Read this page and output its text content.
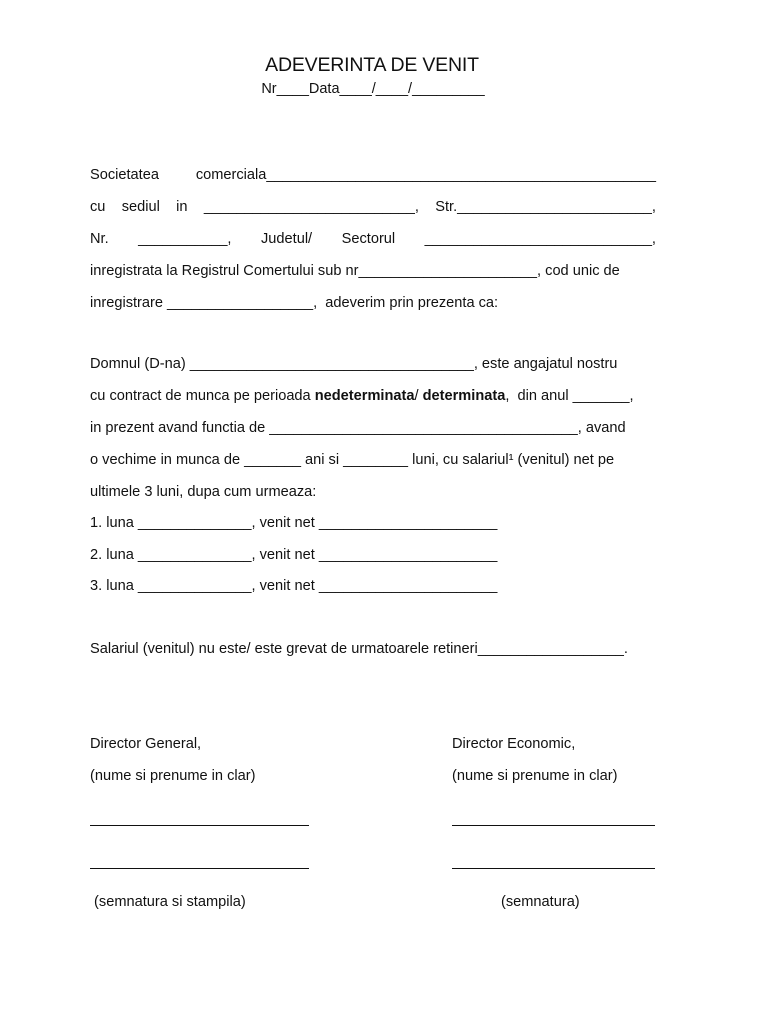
ADEVERINTA DE VENIT
Nr____Data____/____/_________
Societatea	comerciala________________________________________________
cu sediul in __________________________, Str.________________________,
Nr. ___________, Judetul/ Sectorul ____________________________,
inregistrata la Registrul Comertului sub nr______________________, cod unic de
inregistrare __________________,  adeverim prin prezenta ca:
Domnul (D-na) ___________________________________, este angajatul nostru
cu contract de munca pe perioada nedeterminata/ determinata,  din anul _______,
in prezent avand functia de ______________________________________, avand
o vechime in munca de _______ ani si ________ luni, cu salariul¹ (venitul) net pe
ultimele 3 luni, dupa cum urmeaza:
1. luna ______________, venit net ______________________
2. luna ______________, venit net ______________________
3. luna ______________, venit net ______________________
Salariul (venitul) nu este/ este grevat de urmatoarele retineri__________________.
Director General,
(nume si prenume in clar)
Director Economic,
(nume si prenume in clar)
(semnatura si stampila)	(semnatura)
